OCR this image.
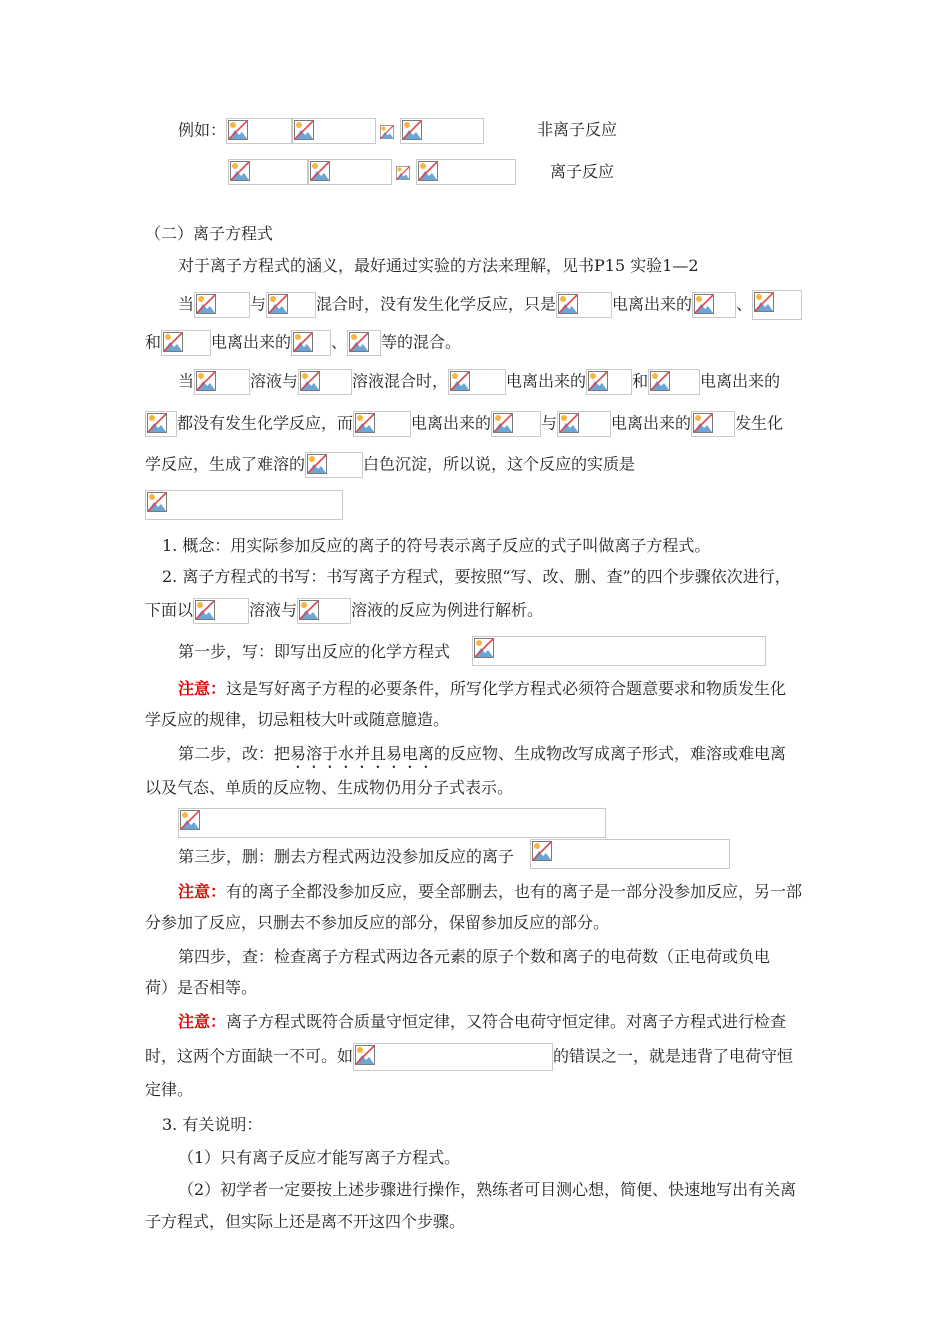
例如：	非离子反应
离子反应
（二）离子方程式
对于离子方程式的涵义，最好通过实验的方法来理解，见书P15 实验1—2
当	与	混合时，没有发生化学反应，只是	电离出来的	、
和	电离出来的	、 等的混合。
当	溶液与	溶液混合时，	电离出来的	和	电离出来的
都没有发生化学反应，而	电离出来的	与	电离出来的	发生化
学反应，生成了难溶的	白色沉淀，所以说，这个反应的实质是
1. 概念：用实际参加反应的离子的符号表示离子反应的式子叫做离子方程式。
2. 离子方程式的书写：书写离子方程式，要按照“写、改、删、查”的四个步骤依次进行，
下面以	溶液与	溶液的反应为例进行解析。
第一步，写：即写出反应的化学方程式
注意：这是写好离子方程的必要条件，所写化学方程式必须符合题意要求和物质发生化
学反应的规律，切忌粗枝大叶或随意臆造。
第二步，改：把易溶于水并且易电离的反应物、生成物改写成离子形式，难溶或难电离
以及气态、单质的反应物、生成物仍用分子式表示。
第三步，删：删去方程式两边没参加反应的离子
注意：有的离子全都没参加反应，要全部删去，也有的离子是一部分没参加反应，另一部
分参加了反应，只删去不参加反应的部分，保留参加反应的部分。
第四步，查：检查离子方程式两边各元素的原子个数和离子的电荷数（正电荷或负电
荷）是否相等。
注意：离子方程式既符合质量守恒定律，又符合电荷守恒定律。对离子方程式进行检查
时，这两个方面缺一不可。如	的错误之一，就是违背了电荷守恒
定律。
3. 有关说明：
（1）只有离子反应才能写离子方程式。
（2）初学者一定要按上述步骤进行操作，熟练者可目测心想，简便、快速地写出有关离
子方程式，但实际上还是离不开这四个步骤。
